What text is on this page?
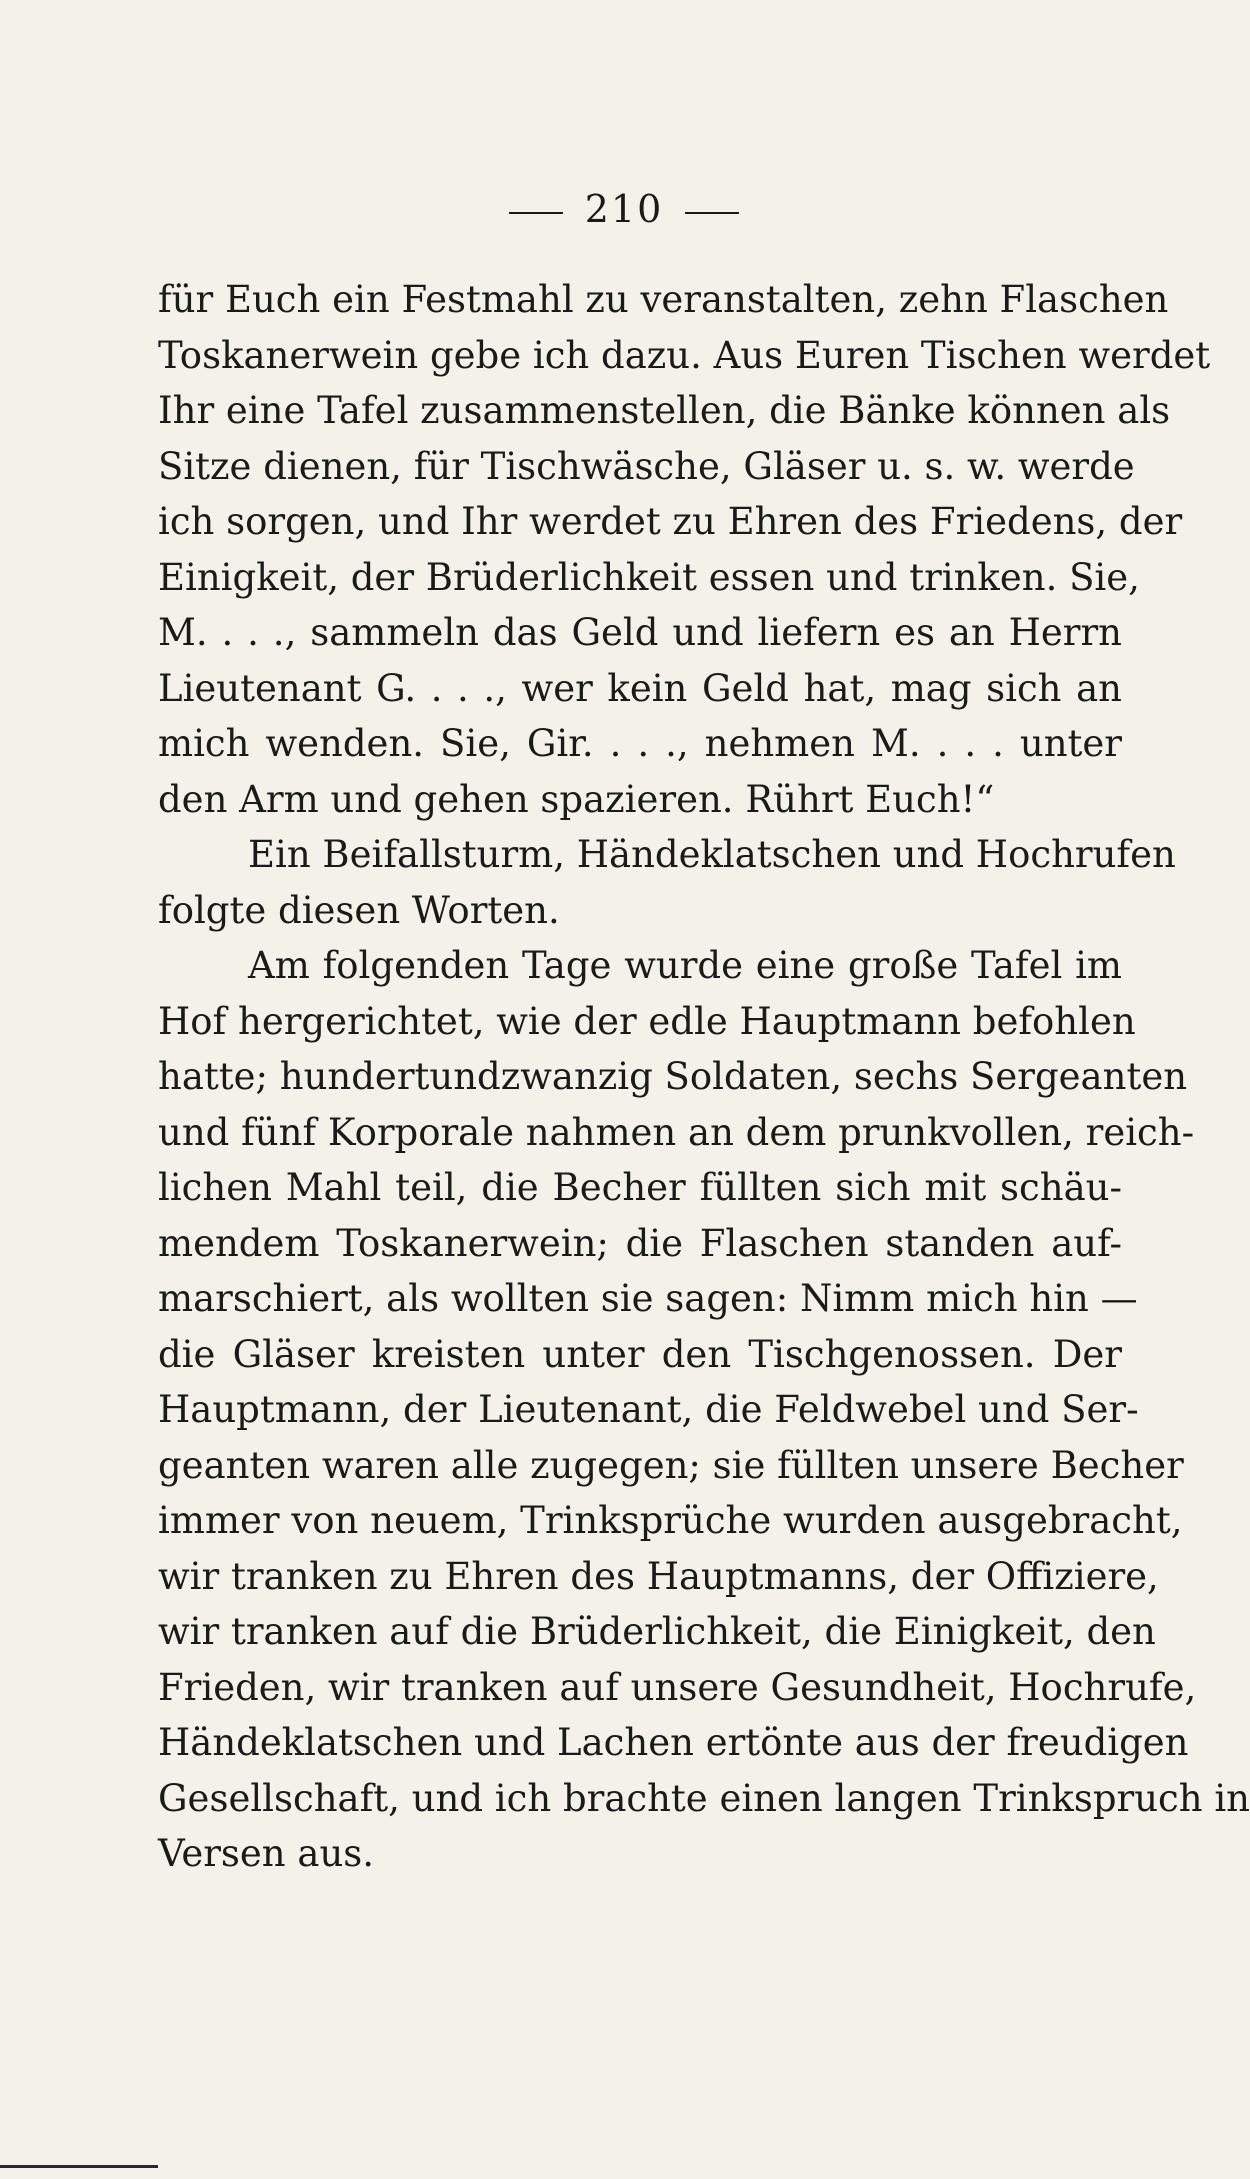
210
für Euch ein Festmahl zu veranstalten, zehn Flaschen
Toskanerwein gebe ich dazu. Aus Euren Tischen werdet
Ihr eine Tafel zusammenstellen, die Bänke können als
Sitze dienen, für Tischwäsche, Gläser u. s. w. werde
ich sorgen, und Ihr werdet zu Ehren des Friedens, der
Einigkeit, der Brüderlichkeit essen und trinken. Sie,
M. . . ., sammeln das Geld und liefern es an Herrn
Lieutenant G. . . ., wer kein Geld hat, mag sich an
mich wenden. Sie, Gir. . . ., nehmen M. . . . unter
den Arm und gehen spazieren. Rührt Euch!“
Ein Beifallsturm, Händeklatschen und Hochrufen
folgte diesen Worten.
Am folgenden Tage wurde eine große Tafel im
Hof hergerichtet, wie der edle Hauptmann befohlen
hatte; hundertundzwanzig Soldaten, sechs Sergeanten
und fünf Korporale nahmen an dem prunkvollen, reich-
lichen Mahl teil, die Becher füllten sich mit schäu-
mendem Toskanerwein; die Flaschen standen auf-
marschiert, als wollten sie sagen: Nimm mich hin —
die Gläser kreisten unter den Tischgenossen. Der
Hauptmann, der Lieutenant, die Feldwebel und Ser-
geanten waren alle zugegen; sie füllten unsere Becher
immer von neuem, Trinksprüche wurden ausgebracht,
wir tranken zu Ehren des Hauptmanns, der Offiziere,
wir tranken auf die Brüderlichkeit, die Einigkeit, den
Frieden, wir tranken auf unsere Gesundheit, Hochrufe,
Händeklatschen und Lachen ertönte aus der freudigen
Gesellschaft, und ich brachte einen langen Trinkspruch in
Versen aus.
